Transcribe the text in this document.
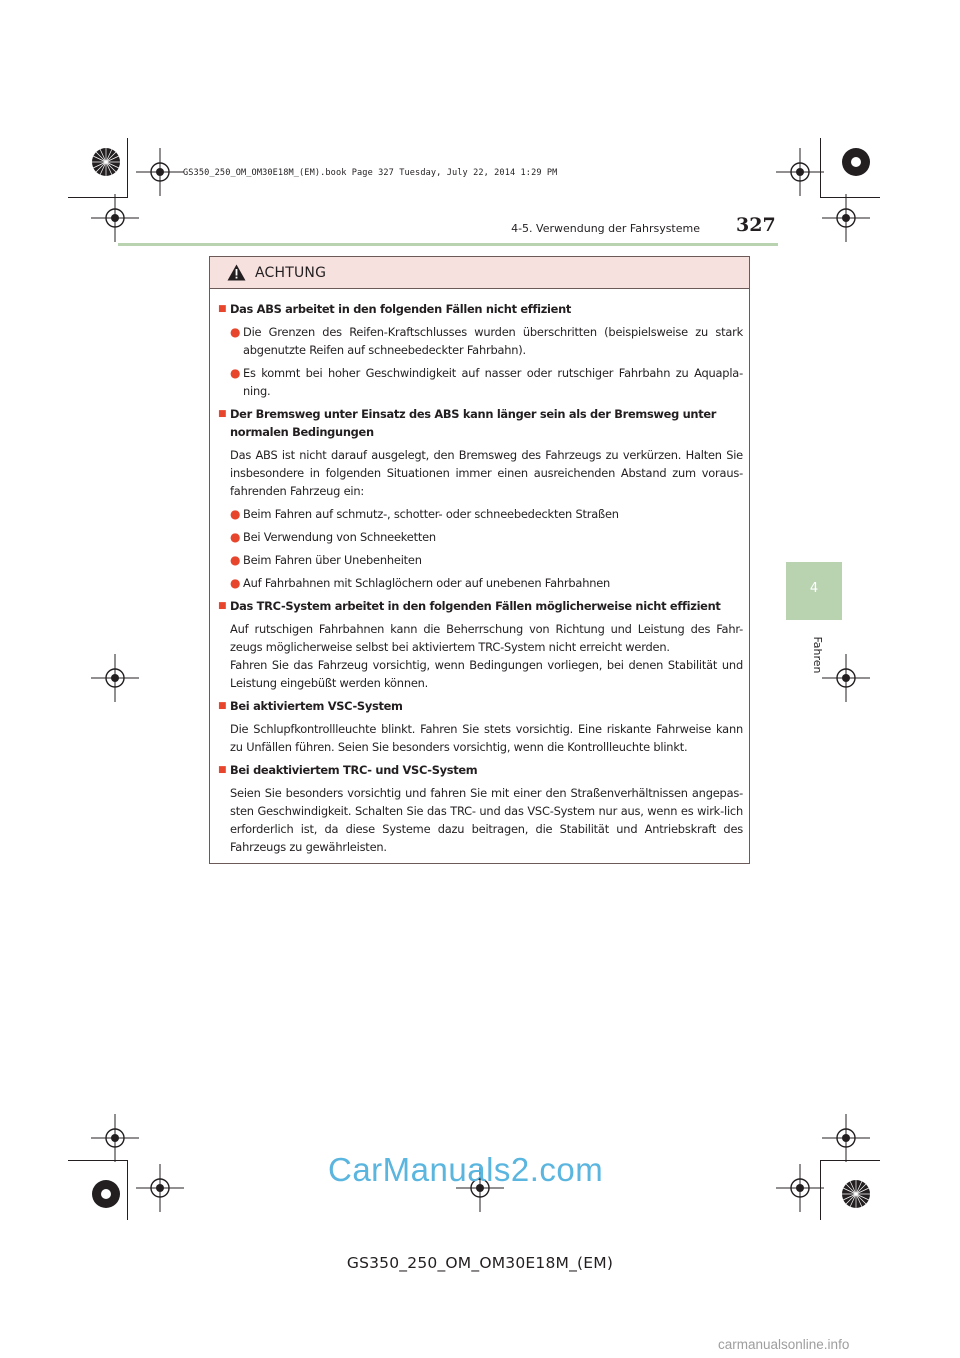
GS350_250_OM_OM30E18M_(EM).book Page 327 Tuesday, July 22, 2014 1:29 PM
4-5. Verwendung der Fahrsysteme 327
4
Fahren
ACHTUNG
■ Das ABS arbeitet in den folgenden Fällen nicht effizient
● Die Grenzen des Reifen-Kraftschlusses wurden überschritten (beispielsweise zu stark abgenutzte Reifen auf schneebedeckter Fahrbahn).
● Es kommt bei hoher Geschwindigkeit auf nasser oder rutschiger Fahrbahn zu Aquapla-ning.
■ Der Bremsweg unter Einsatz des ABS kann länger sein als der Bremsweg unter normalen Bedingungen
Das ABS ist nicht darauf ausgelegt, den Bremsweg des Fahrzeugs zu verkürzen. Halten Sie insbesondere in folgenden Situationen immer einen ausreichenden Abstand zum voraus-fahrenden Fahrzeug ein:
● Beim Fahren auf schmutz-, schotter- oder schneebedeckten Straßen
● Bei Verwendung von Schneeketten
● Beim Fahren über Unebenheiten
● Auf Fahrbahnen mit Schlaglöchern oder auf unebenen Fahrbahnen
■ Das TRC-System arbeitet in den folgenden Fällen möglicherweise nicht effizient
Auf rutschigen Fahrbahnen kann die Beherrschung von Richtung und Leistung des Fahr-zeugs möglicherweise selbst bei aktiviertem TRC-System nicht erreicht werden.
Fahren Sie das Fahrzeug vorsichtig, wenn Bedingungen vorliegen, bei denen Stabilität und Leistung eingebüßt werden können.
■ Bei aktiviertem VSC-System
Die Schlupfkontrollleuchte blinkt. Fahren Sie stets vorsichtig. Eine riskante Fahrweise kann zu Unfällen führen. Seien Sie besonders vorsichtig, wenn die Kontrollleuchte blinkt.
■ Bei deaktiviertem TRC- und VSC-System
Seien Sie besonders vorsichtig und fahren Sie mit einer den Straßenverhältnissen angepas-sten Geschwindigkeit. Schalten Sie das TRC- und das VSC-System nur aus, wenn es wirk-lich erforderlich ist, da diese Systeme dazu beitragen, die Stabilität und Antriebskraft des Fahrzeugs zu gewährleisten.
CarManuals2.com
GS350_250_OM_OM30E18M_(EM)
carmanualsonline.info
